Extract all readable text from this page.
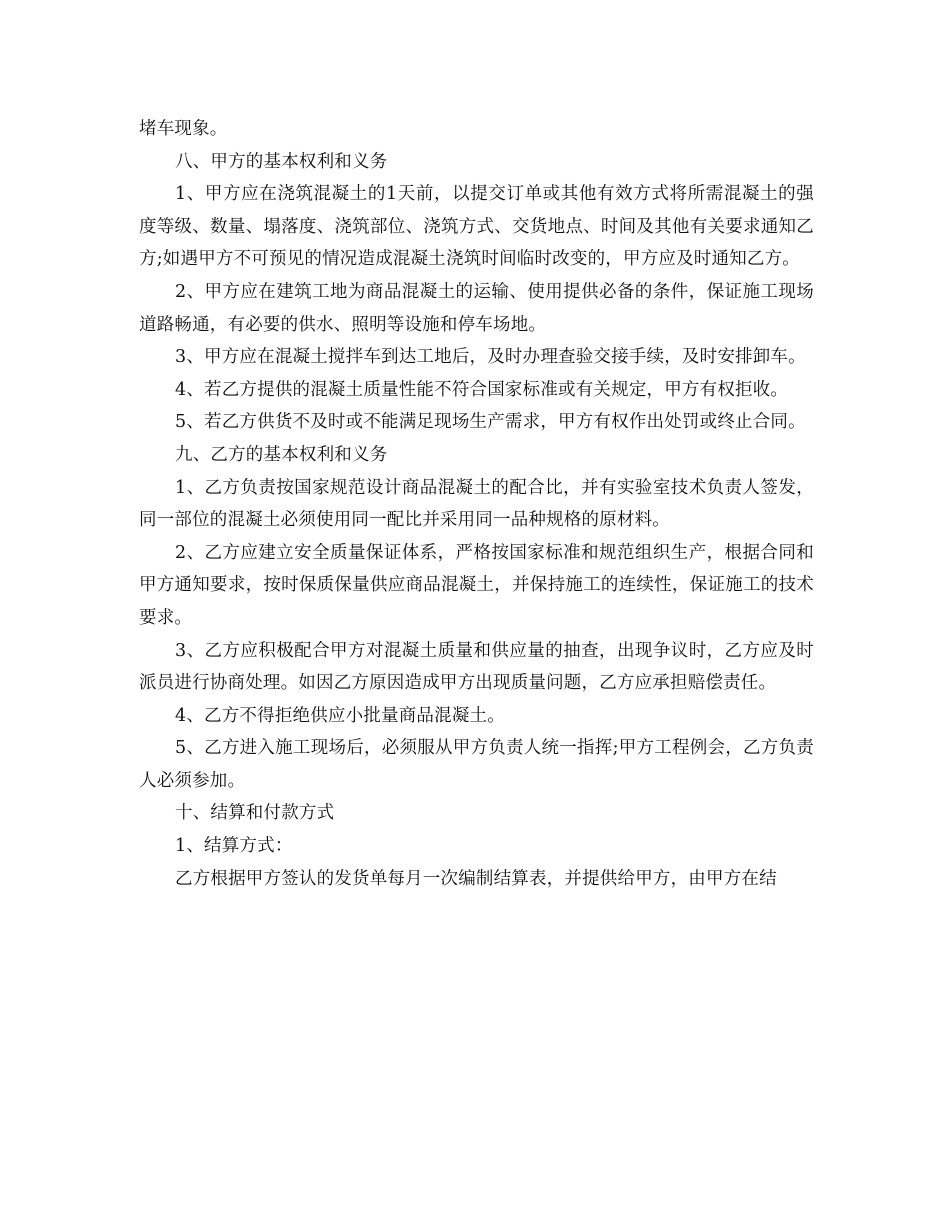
堵车现象。

八、甲方的基本权利和义务

1、甲方应在浇筑混凝土的1天前，以提交订单或其他有效方式将所需混凝土的强度等级、数量、塌落度、浇筑部位、浇筑方式、交货地点、时间及其他有关要求通知乙方;如遇甲方不可预见的情况造成混凝土浇筑时间临时改变的，甲方应及时通知乙方。

2、甲方应在建筑工地为商品混凝土的运输、使用提供必备的条件，保证施工现场道路畅通，有必要的供水、照明等设施和停车场地。

3、甲方应在混凝土搅拌车到达工地后，及时办理查验交接手续，及时安排卸车。

4、若乙方提供的混凝土质量性能不符合国家标准或有关规定，甲方有权拒收。

5、若乙方供货不及时或不能满足现场生产需求，甲方有权作出处罚或终止合同。

九、乙方的基本权利和义务

1、乙方负责按国家规范设计商品混凝土的配合比，并有实验室技术负责人签发，同一部位的混凝土必须使用同一配比并采用同一品种规格的原材料。

2、乙方应建立安全质量保证体系，严格按国家标准和规范组织生产，根据合同和甲方通知要求，按时保质保量供应商品混凝土，并保持施工的连续性，保证施工的技术要求。

3、乙方应积极配合甲方对混凝土质量和供应量的抽查，出现争议时，乙方应及时派员进行协商处理。如因乙方原因造成甲方出现质量问题，乙方应承担赔偿责任。

4、乙方不得拒绝供应小批量商品混凝土。

5、乙方进入施工现场后，必须服从甲方负责人统一指挥;甲方工程例会，乙方负责人必须参加。

十、结算和付款方式

1、结算方式：

乙方根据甲方签认的发货单每月一次编制结算表，并提供给甲方，由甲方在结
